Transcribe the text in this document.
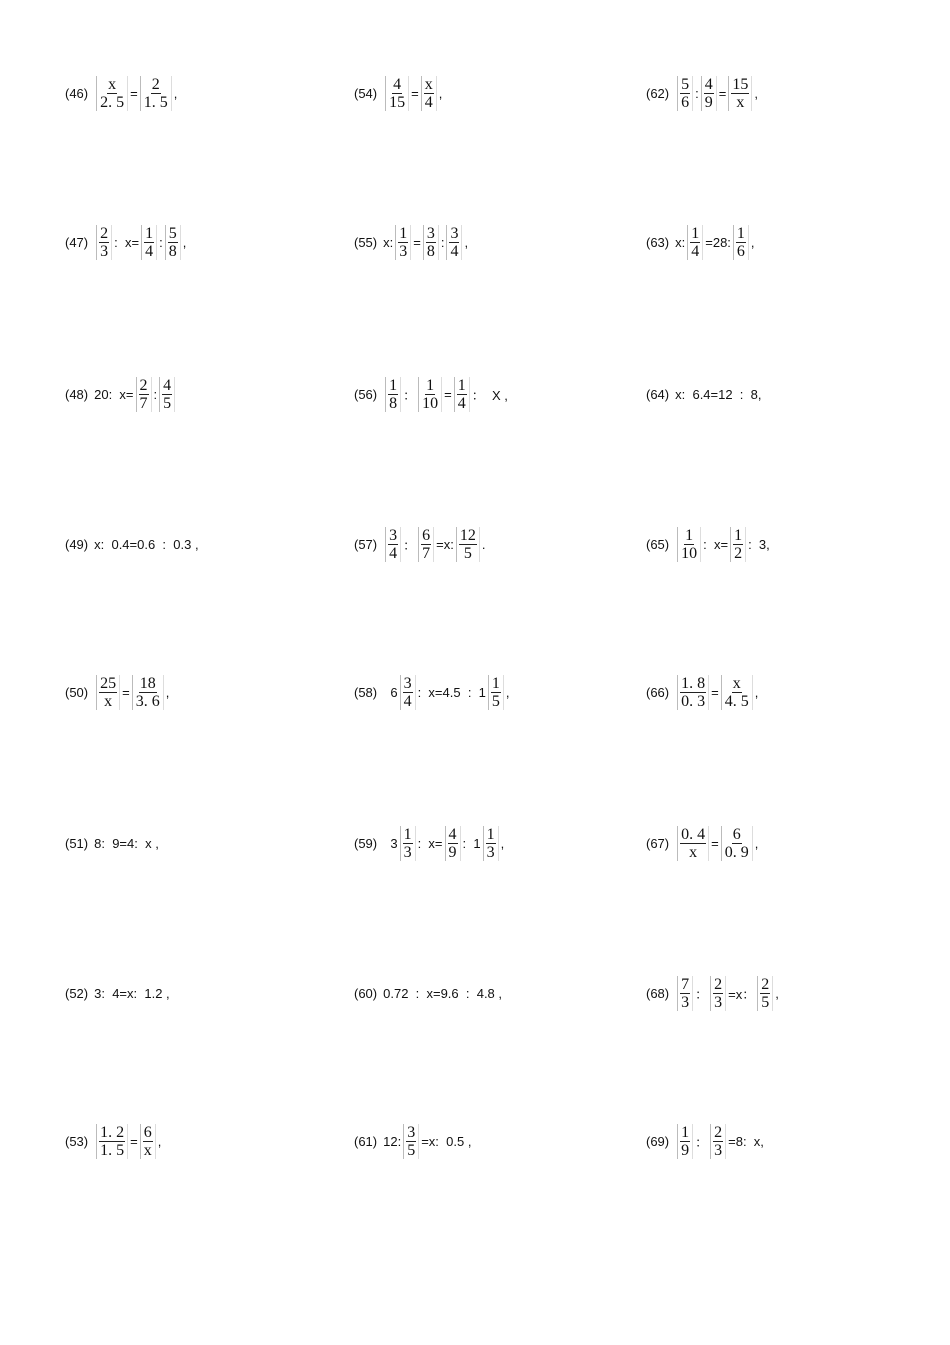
$(46) \frac{x}{2. 5} = \frac{2}{1. 5}$ ,
$(47) \frac{2}{3}$ :  $x= \frac{1}{4}$ : $\frac{5}{8}$ ,
(48) 20:  $x= \frac{2}{7}$ : $\frac{4}{5}$
(49) x:  0.4=0.6  :  0.3 ,
$(50) \frac{25}{x} = \frac{18}{3. 6}$ ,
(51) 8:  9=4:  x ,
(52) 3:  4=x:  1.2 ,
$(53) \frac{1. 2}{1. 5} = \frac{6}{x}$ ,
$(54) \frac{4}{15} = \frac{x}{4}$ ,
(55) x: $\frac{1}{3} = \frac{3}{8}$ : $\frac{3}{4}$ ,
$(56) \frac{1}{8}$ ： $\frac{1}{10} = \frac{1}{4}$ ：  X ,
$(57) \frac{3}{4}$ ： $\frac{6}{7} =x$: $\frac{12}{5}$ .
(58) $6 \frac{3}{4}$ :  x=4.5  :  $1 \frac{1}{5}$ ,
(59) $3 \frac{1}{3}$ :  $x= \frac{4}{9}$ :  $1 \frac{1}{3}$ ,
(60) 0.72  :  x=9.6  :  4.8 ,
(61) 12: $\frac{3}{5} =x$:  0.5 ,
$(62) \frac{5}{6}$ : $\frac{4}{9} = \frac{15}{x}$ ,
(63) x: $\frac{1}{4} =28$: $\frac{1}{6}$ ,
(64) x:  6.4=12  :  8,
$(65) \frac{1}{10}$ :  $x= \frac{1}{2}$ :  3,
$(66) \frac{1. 8}{0. 3} = \frac{x}{4. 5}$ ,
$(67) \frac{0. 4}{x} = \frac{6}{0. 9}$ ,
$(68) \frac{7}{3}$ ： $\frac{2}{3} =x$： $\frac{2}{5}$ ,
$(69) \frac{1}{9}$ ： $\frac{2}{3} =8$:  x,
